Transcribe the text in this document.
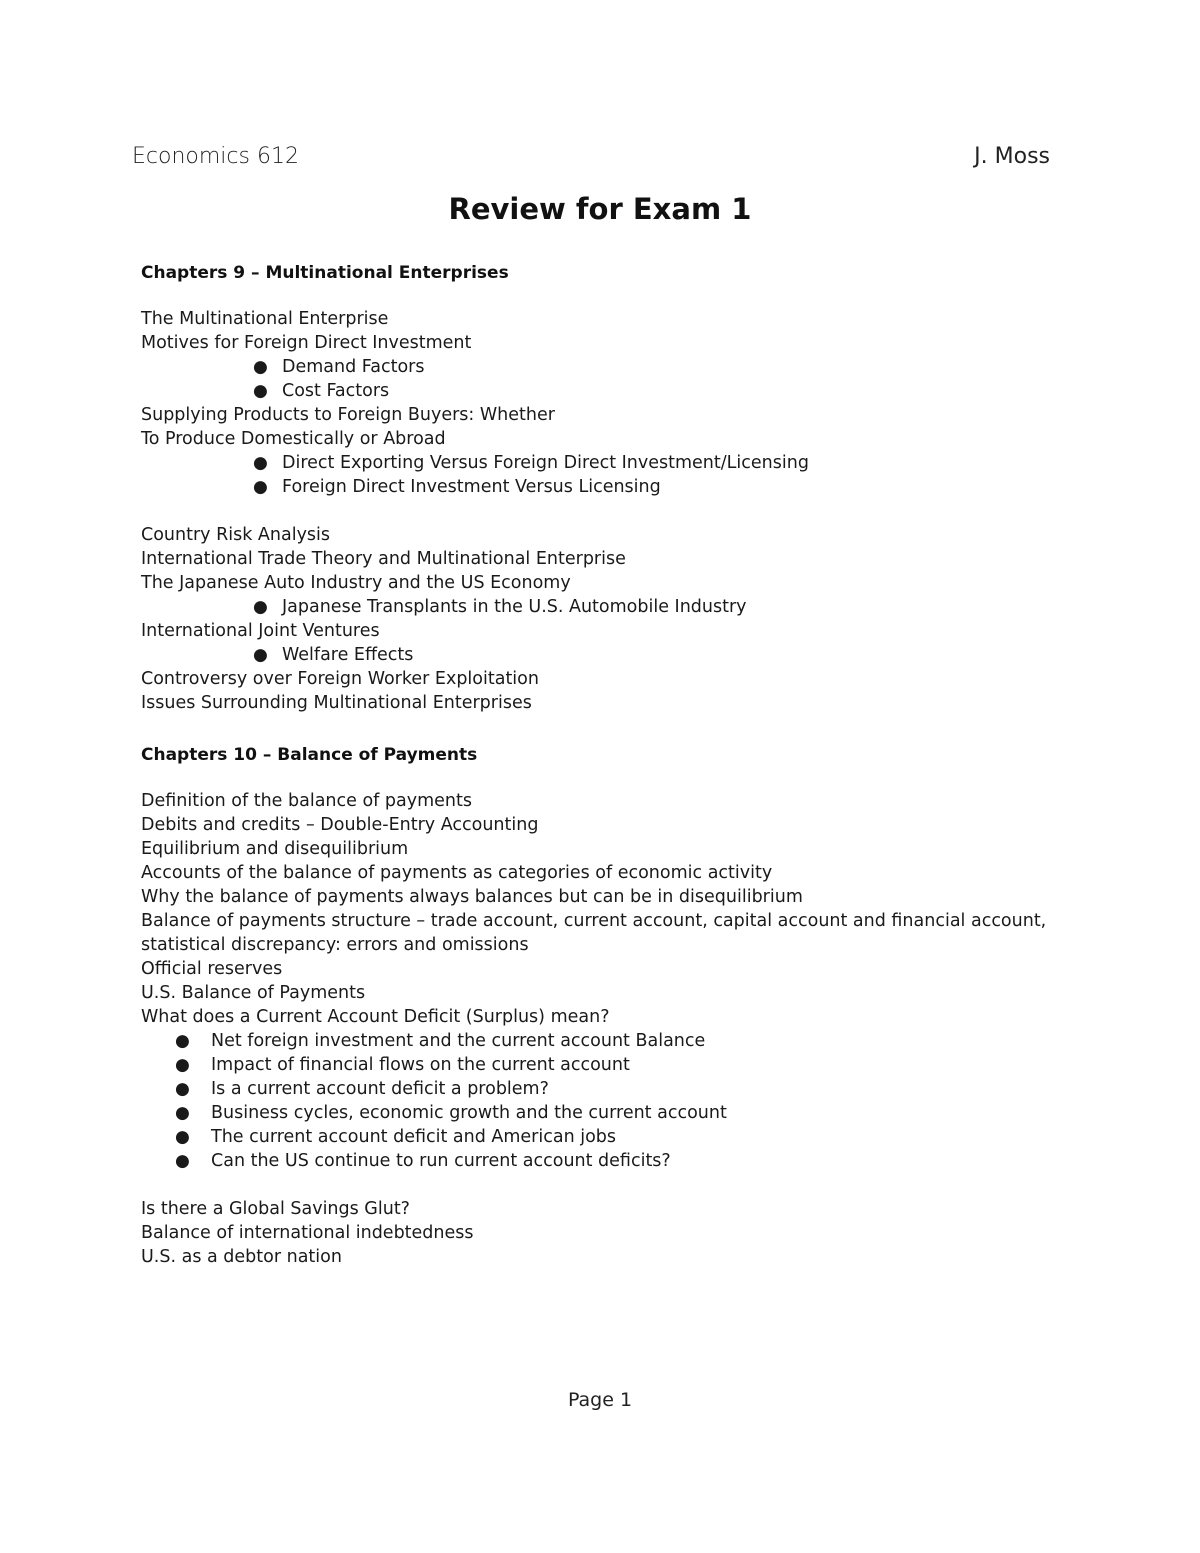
Economics 612	J. Moss
Review for Exam 1
Chapters 9 – Multinational Enterprises
The Multinational Enterprise
Motives for Foreign Direct Investment
● Demand Factors
● Cost Factors
Supplying Products to Foreign Buyers: Whether
To Produce Domestically or Abroad
● Direct Exporting Versus Foreign Direct Investment/Licensing
● Foreign Direct Investment Versus Licensing
Country Risk Analysis
International Trade Theory and Multinational Enterprise
The Japanese Auto Industry and the US Economy
● Japanese Transplants in the U.S. Automobile Industry
International Joint Ventures
● Welfare Effects
Controversy over Foreign Worker Exploitation
Issues Surrounding Multinational Enterprises
Chapters 10 – Balance of Payments
Definition of the balance of payments
Debits and credits – Double-Entry Accounting
Equilibrium and disequilibrium
Accounts of the balance of payments as categories of economic activity
Why the balance of payments always balances but can be in disequilibrium
Balance of payments structure – trade account, current account, capital account and financial account, statistical discrepancy: errors and omissions
Official reserves
U.S. Balance of Payments
What does a Current Account Deficit (Surplus) mean?
● Net foreign investment and the current account Balance
● Impact of financial flows on the current account
● Is a current account deficit a problem?
● Business cycles, economic growth and the current account
● The current account deficit and American jobs
● Can the US continue to run current account deficits?
Is there a Global Savings Glut?
Balance of international indebtedness
U.S. as a debtor nation
Page 1
